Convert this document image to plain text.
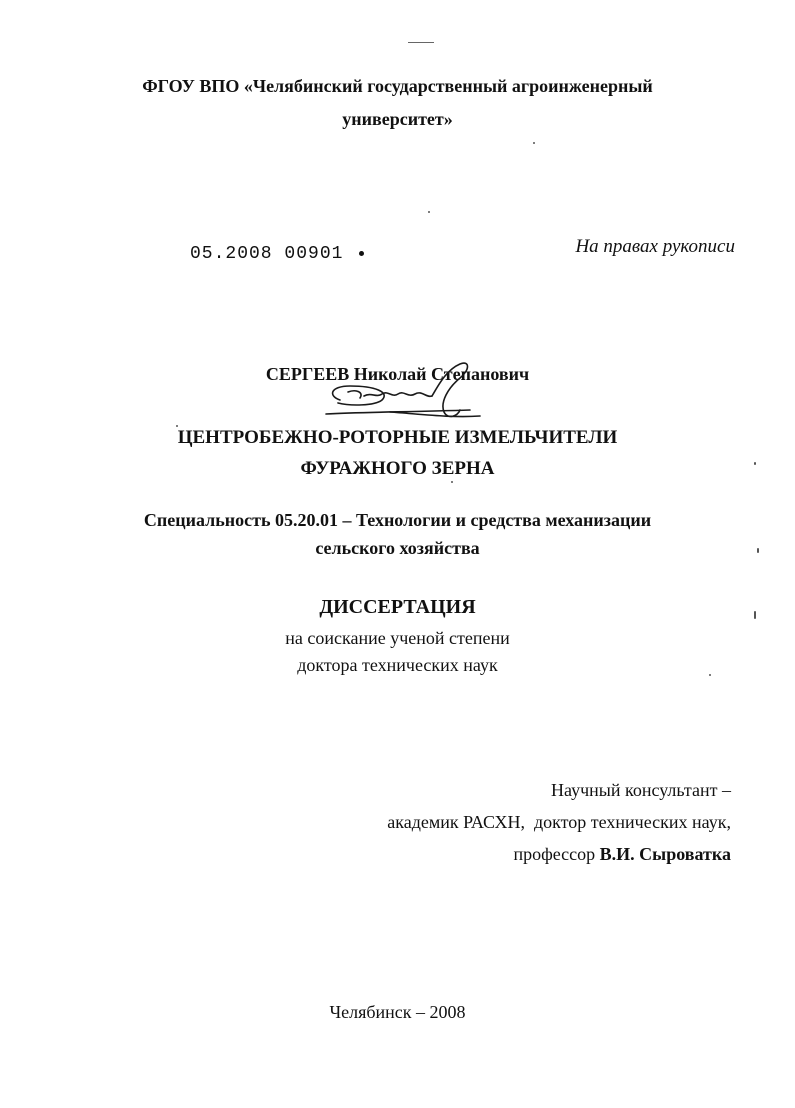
ФГОУ ВПО «Челябинский государственный агроинженерный
университет»
05.2008 00901	На правах рукописи
СЕРГЕЕВ Николай Степанович
ЦЕНТРОБЕЖНО-РОТОРНЫЕ ИЗМЕЛЬЧИТЕЛИ
ФУРАЖНОГО ЗЕРНА
Специальность 05.20.01 – Технологии и средства механизации
сельского хозяйства
ДИССЕРТАЦИЯ
на соискание ученой степени
доктора технических наук
Научный консультант –
академик РАСХН,  доктор технических наук,
профессор В.И. Сыроватка
Челябинск – 2008
